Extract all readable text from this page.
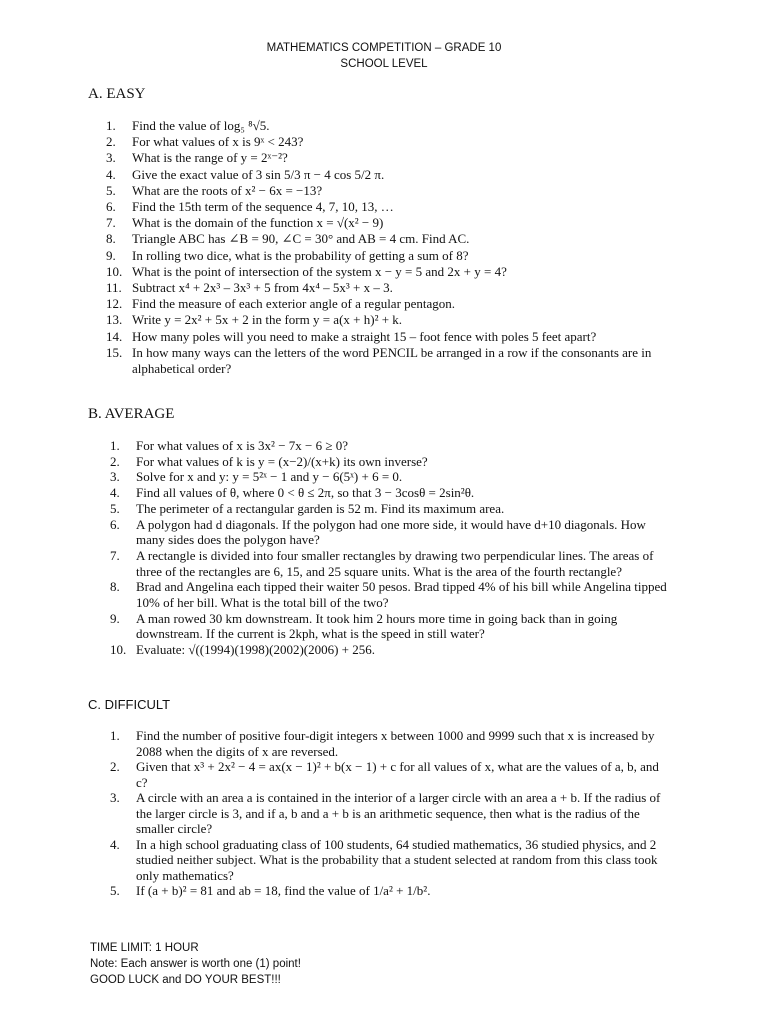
MATHEMATICS COMPETITION – GRADE 10
SCHOOL LEVEL
A. EASY
1.	Find the value of log₅ ⁸√5.
2.	For what values of x is 9ˣ < 243?
3.	What is the range of y = 2ˣ⁻²?
4.	Give the exact value of 3 sin 5/3 π − 4 cos 5/2 π.
5.	What are the roots of x² − 6x = −13?
6.	Find the 15th term of the sequence 4, 7, 10, 13, …
7.	What is the domain of the function x = √(x² − 9)
8.	Triangle ABC has ∠B = 90, ∠C = 30° and AB = 4 cm. Find AC.
9.	In rolling two dice, what is the probability of getting a sum of 8?
10. What is the point of intersection of the system x − y = 5 and 2x + y = 4?
11. Subtract x⁴ + 2x³ – 3x³ + 5 from 4x⁴ – 5x³ + x – 3.
12. Find the measure of each exterior angle of a regular pentagon.
13. Write y = 2x² + 5x + 2 in the form y = a(x + h)² + k.
14. How many poles will you need to make a straight 15 – foot fence with poles 5 feet apart?
15. In how many ways can the letters of the word PENCIL be arranged in a row if the consonants are in alphabetical order?
B. AVERAGE
1.	For what values of x is 3x² − 7x − 6 ≥ 0?
2.	For what values of k is y = (x−2)/(x+k) its own inverse?
3.	Solve for x and y: y = 5²ˣ − 1 and y − 6(5ˣ) + 6 = 0.
4.	Find all values of θ, where 0 < θ ≤ 2π, so that 3 − 3cosθ = 2sin²θ.
5.	The perimeter of a rectangular garden is 52 m. Find its maximum area.
6.	A polygon had d diagonals. If the polygon had one more side, it would have d+10 diagonals. How many sides does the polygon have?
7.	A rectangle is divided into four smaller rectangles by drawing two perpendicular lines. The areas of three of the rectangles are 6, 15, and 25 square units. What is the area of the fourth rectangle?
8.	Brad and Angelina each tipped their waiter 50 pesos. Brad tipped 4% of his bill while Angelina tipped 10% of her bill. What is the total bill of the two?
9.	A man rowed 30 km downstream. It took him 2 hours more time in going back than in going downstream. If the current is 2kph, what is the speed in still water?
10. Evaluate: √((1994)(1998)(2002)(2006) + 256.
C. DIFFICULT
1.	Find the number of positive four-digit integers x between 1000 and 9999 such that x is increased by 2088 when the digits of x are reversed.
2.	Given that x³ + 2x² − 4 = ax(x − 1)² + b(x − 1) + c for all values of x, what are the values of a, b, and c?
3.	A circle with an area a is contained in the interior of a larger circle with an area a + b. If the radius of the larger circle is 3, and if a, b and a + b is an arithmetic sequence, then what is the radius of the smaller circle?
4.	In a high school graduating class of 100 students, 64 studied mathematics, 36 studied physics, and 2 studied neither subject. What is the probability that a student selected at random from this class took only mathematics?
5.	If (a + b)² = 81 and ab = 18, find the value of 1/a² + 1/b².
TIME LIMIT: 1 HOUR
Note: Each answer is worth one (1) point!
GOOD LUCK and DO YOUR BEST!!!
